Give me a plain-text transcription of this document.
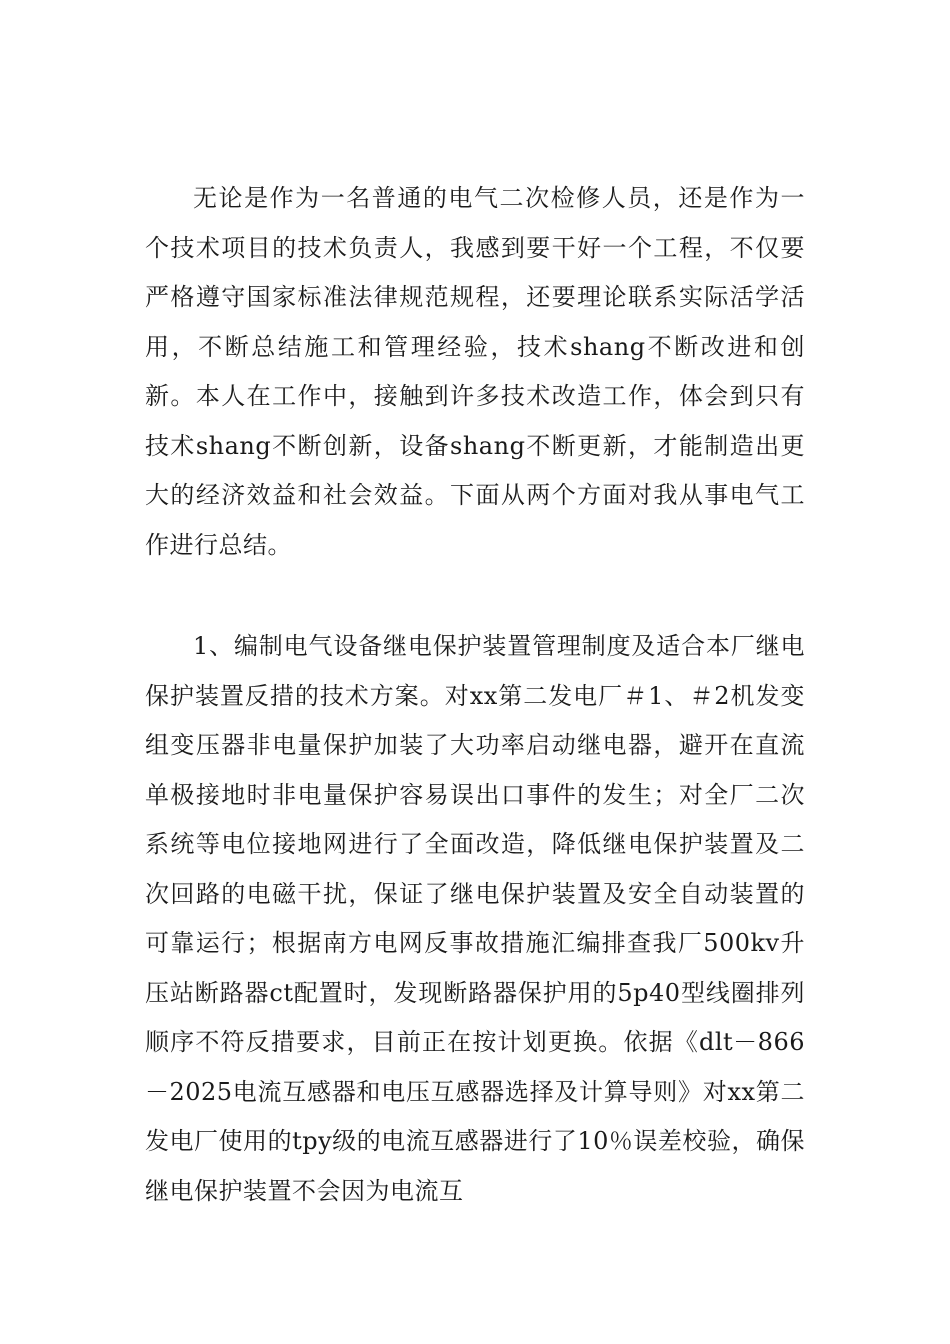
无论是作为一名普通的电气二次检修人员，还是作为一个技术项目的技术负责人，我感到要干好一个工程，不仅要严格遵守国家标准法律规范规程，还要理论联系实际活学活用，不断总结施工和管理经验，技术shang不断改进和创新。本人在工作中，接触到许多技术改造工作，体会到只有技术shang不断创新，设备shang不断更新，才能制造出更大的经济效益和社会效益。下面从两个方面对我从事电气工作进行总结。

1、编制电气设备继电保护装置管理制度及适合本厂继电保护装置反措的技术方案。对xx第二发电厂＃1、＃2机发变组变压器非电量保护加装了大功率启动继电器，避开在直流单极接地时非电量保护容易误出口事件的发生；对全厂二次系统等电位接地网进行了全面改造，降低继电保护装置及二次回路的电磁干扰，保证了继电保护装置及安全自动装置的可靠运行；根据南方电网反事故措施汇编排查我厂500kv升压站断路器ct配置时，发现断路器保护用的5p40型线圈排列顺序不符反措要求，目前正在按计划更换。依据《dlt－866－2025电流互感器和电压互感器选择及计算导则》对xx第二发电厂使用的tpy级的电流互感器进行了10％误差校验，确保继电保护装置不会因为电流互
